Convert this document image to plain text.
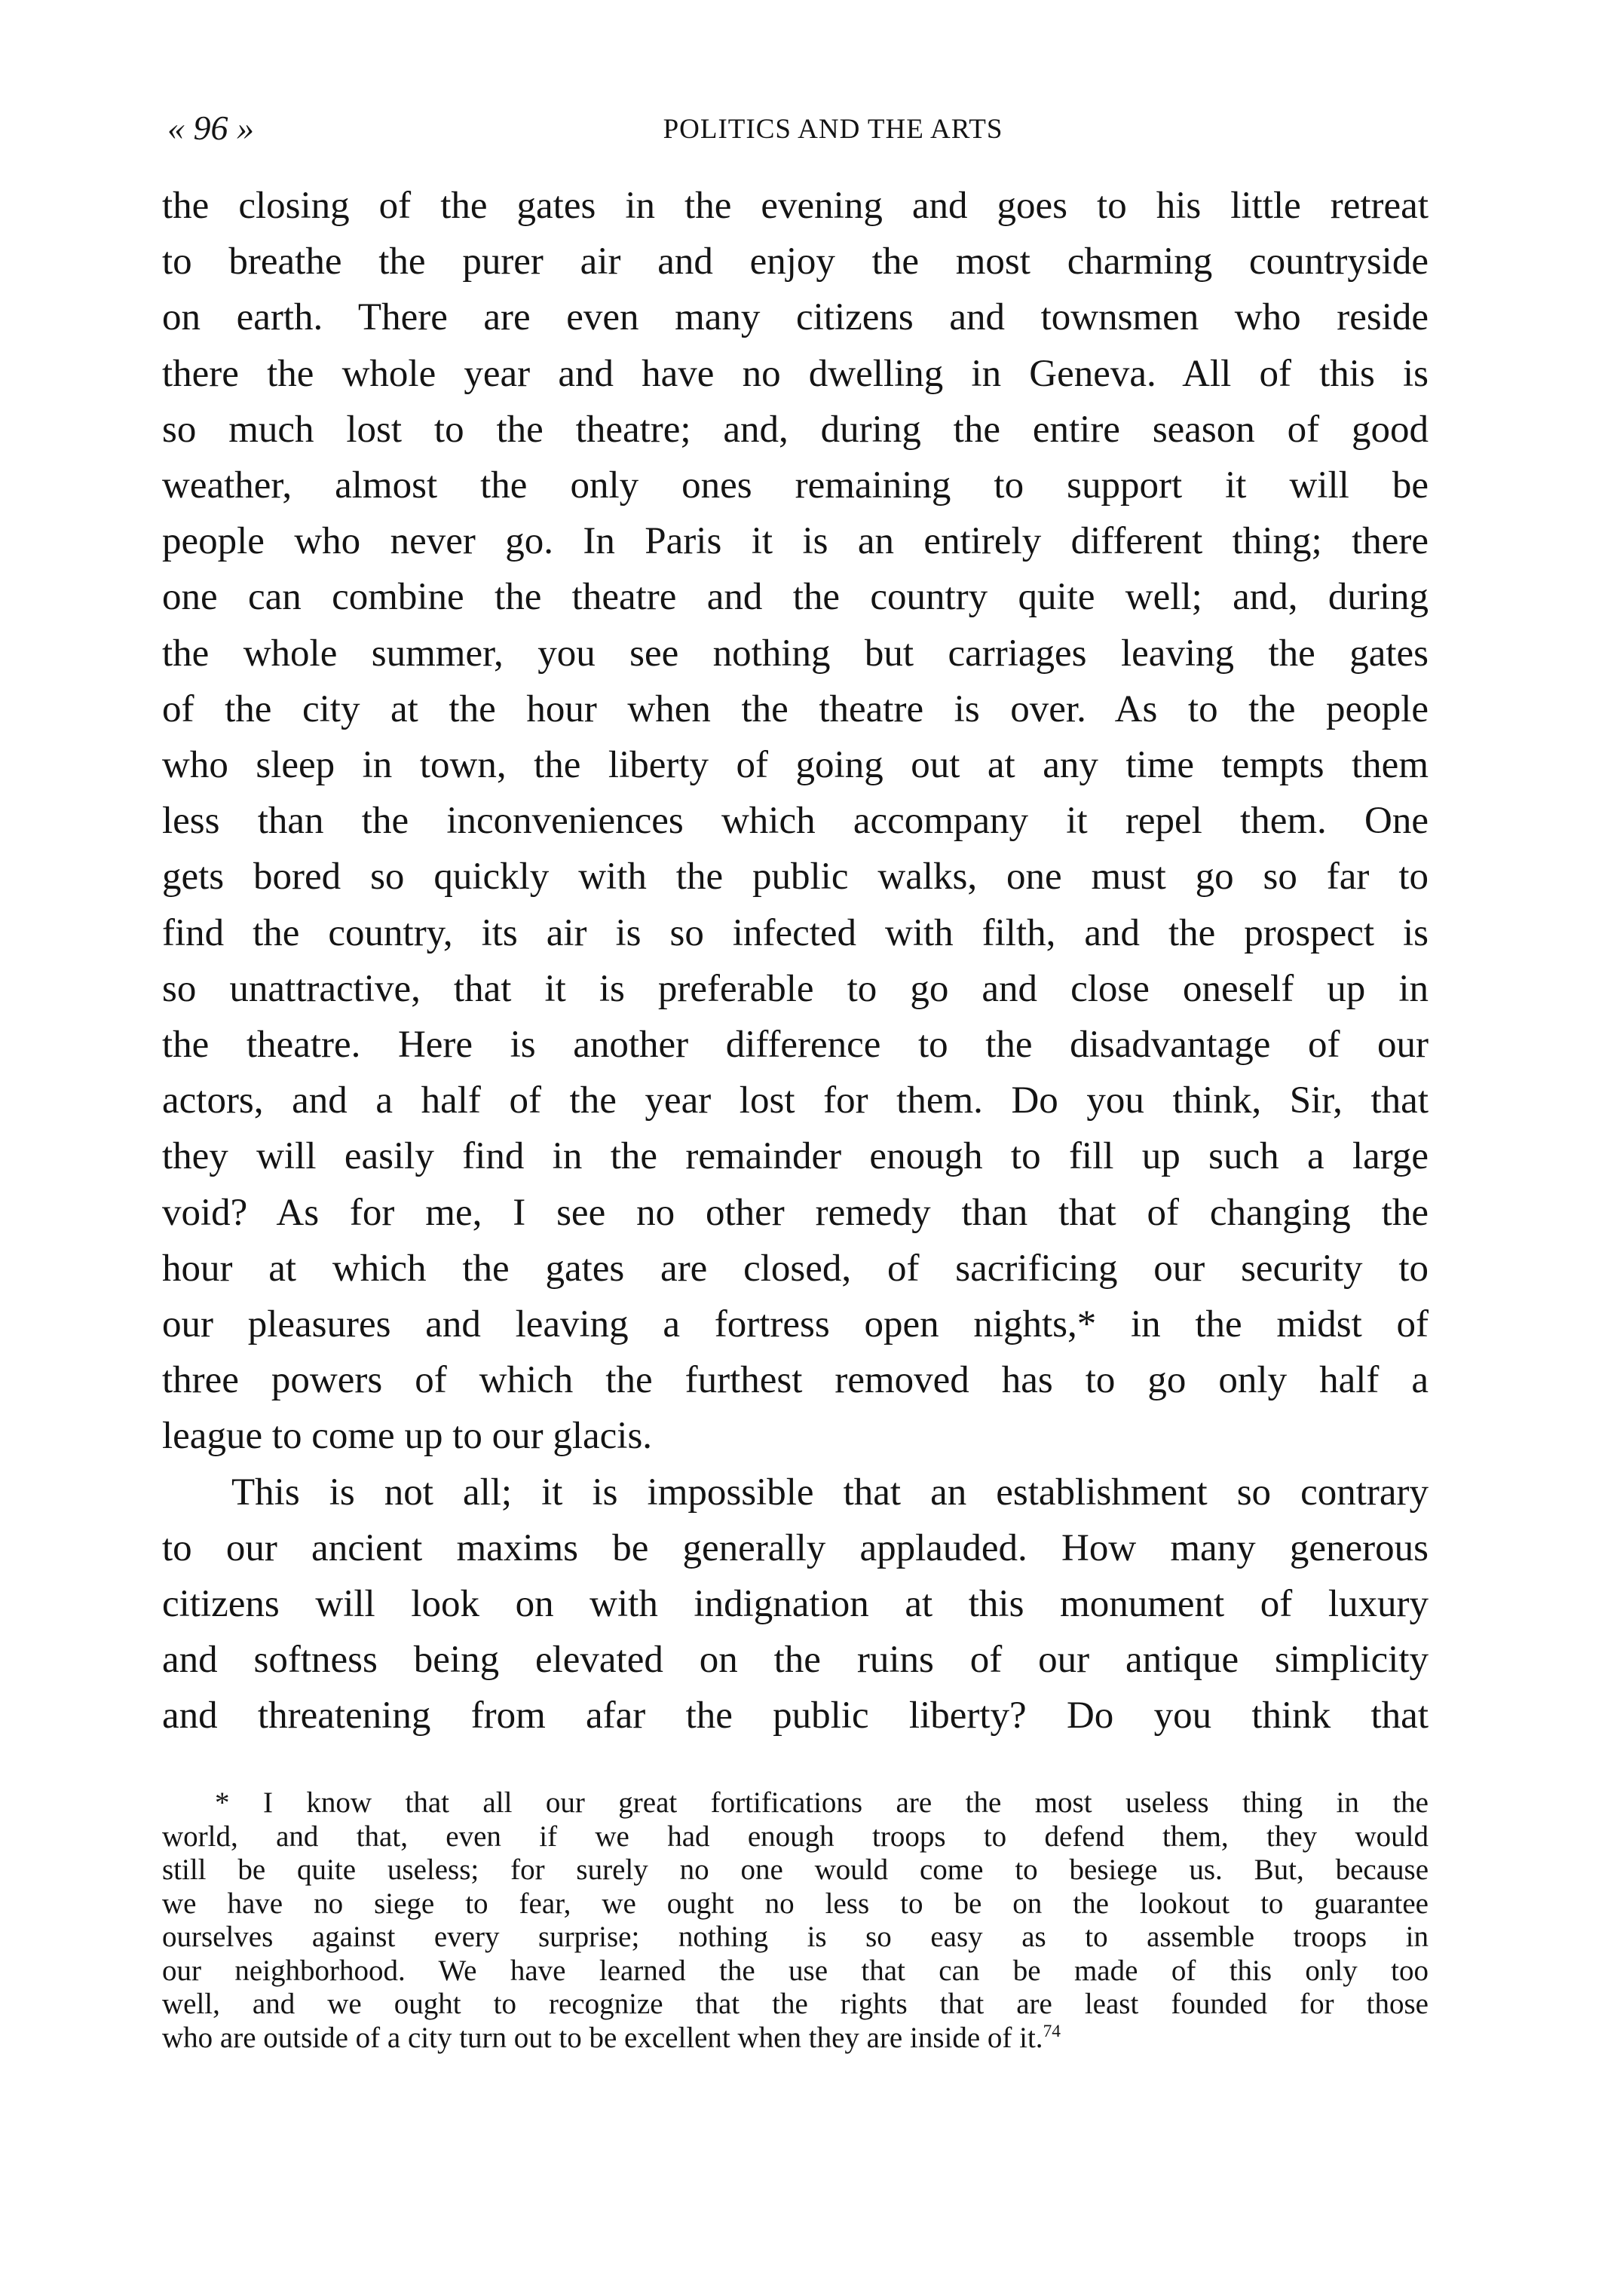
« 96 »	POLITICS AND THE ARTS
the closing of the gates in the evening and goes to his little retreat
to breathe the purer air and enjoy the most charming countryside
on earth. There are even many citizens and townsmen who reside
there the whole year and have no dwelling in Geneva. All of this is
so much lost to the theatre; and, during the entire season of good
weather, almost the only ones remaining to support it will be
people who never go. In Paris it is an entirely different thing; there
one can combine the theatre and the country quite well; and, during
the whole summer, you see nothing but carriages leaving the gates
of the city at the hour when the theatre is over. As to the people
who sleep in town, the liberty of going out at any time tempts them
less than the inconveniences which accompany it repel them. One
gets bored so quickly with the public walks, one must go so far to
find the country, its air is so infected with filth, and the prospect is
so unattractive, that it is preferable to go and close oneself up in
the theatre. Here is another difference to the disadvantage of our
actors, and a half of the year lost for them. Do you think, Sir, that
they will easily find in the remainder enough to fill up such a large
void? As for me, I see no other remedy than that of changing the
hour at which the gates are closed, of sacrificing our security to
our pleasures and leaving a fortress open nights,* in the midst of
three powers of which the furthest removed has to go only half a
league to come up to our glacis.
This is not all; it is impossible that an establishment so contrary
to our ancient maxims be generally applauded. How many generous
citizens will look on with indignation at this monument of luxury
and softness being elevated on the ruins of our antique simplicity
and threatening from afar the public liberty? Do you think that
* I know that all our great fortifications are the most useless thing in the
world, and that, even if we had enough troops to defend them, they would
still be quite useless; for surely no one would come to besiege us. But, because
we have no siege to fear, we ought no less to be on the lookout to guarantee
ourselves against every surprise; nothing is so easy as to assemble troops in
our neighborhood. We have learned the use that can be made of this only too
well, and we ought to recognize that the rights that are least founded for those
who are outside of a city turn out to be excellent when they are inside of it.$^{74}$
